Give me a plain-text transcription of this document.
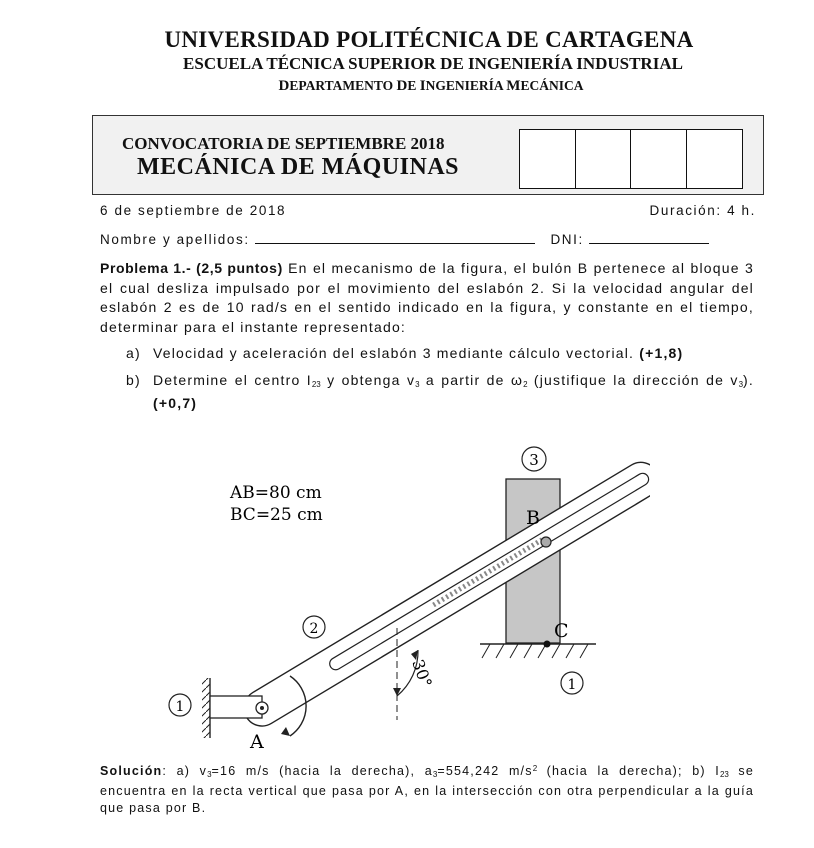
UNIVERSIDAD POLITÉCNICA DE CARTAGENA
ESCUELA TÉCNICA SUPERIOR DE INGENIERÍA INDUSTRIAL
DEPARTAMENTO DE INGENIERÍA MECÁNICA
CONVOCATORIA DE SEPTIEMBRE 2018
MECÁNICA DE MÁQUINAS
6 de septiembre de 2018	Duración: 4 h.
Nombre y apellidos:	DNI:
Problema 1.- (2,5 puntos) En el mecanismo de la figura, el bulón B pertenece al bloque 3 el cual desliza impulsado por el movimiento del eslabón 2. Si la velocidad angular del eslabón 2 es de 10 rad/s en el sentido indicado en la figura, y constante en el tiempo, determinar para el instante representado:
a) Velocidad y aceleración del eslabón 3 mediante cálculo vectorial. (+1,8)
b) Determine el centro $I_{23}$ y obtenga $v_3$ a partir de $\omega_2$ (justifique la dirección de $v_3$). (+0,7)
AB=80 cm
BC=25 cm
3
C
1
B
2
30°
A
1
Solución: a) $v_3=16$ m/s (hacia la derecha), $a_3=554,242$ $m/s^2$ (hacia la derecha); b) $I_{23}$ se encuentra en la recta vertical que pasa por A, en la intersección con otra perpendicular a la guía que pasa por B.
